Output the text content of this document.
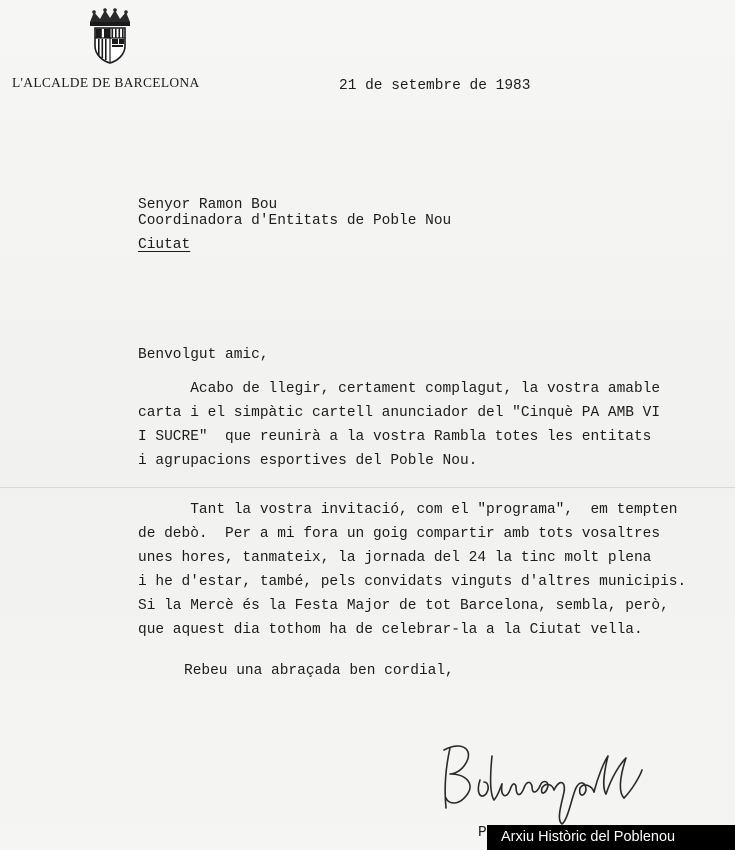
L'ALCALDE DE BARCELONA	21 de setembre de 1983
Senyor Ramon Bou
Coordinadora d'Entitats de Poble Nou
Ciutat
Benvolgut amic,
Acabo de llegir, certament complagut, la vostra amable
carta i el simpàtic cartell anunciador del "Cinquè PA AMB VI
I SUCRE"  que reunirà a la vostra Rambla totes les entitats
i agrupacions esportives del Poble Nou.
Tant la vostra invitació, com el "programa",  em tempten
de debò.  Per a mi fora un goig compartir amb tots vosaltres
unes hores, tanmateix, la jornada del 24 la tinc molt plena
i he d'estar, també, pels convidats vinguts d'altres municipis.
Si la Mercè és la Festa Major de tot Barcelona, sembla, però,
que aquest dia tothom ha de celebrar-la a la Ciutat vella.
Rebeu una abraçada ben cordial,
P Arxiu Històric del Poblenou
